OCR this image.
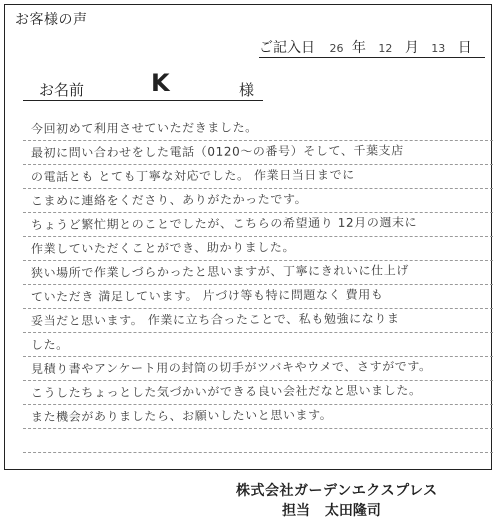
お客様の声
ご記入日 26 年 12 月 13 日
お名前	K	様
今回初めて利用させていただきました。
最初に問い合わせをした電話（0120～の番号）そして、千葉支店
の電話とも とても丁寧な対応でした。 作業日当日までに
こまめに連絡をくださり、ありがたかったです。
ちょうど繁忙期とのことでしたが、こちらの希望通り 12月の週末に
作業していただくことができ、助かりました。
狭い場所で作業しづらかったと思いますが、丁寧にきれいに仕上げ
ていただき 満足しています。 片づけ等も特に問題なく 費用も
妥当だと思います。 作業に立ち合ったことで、私も勉強になりま
した。
見積り書やアンケート用の封筒の切手がツバキやウメで、さすがです。
こうしたちょっとした気づかいができる良い会社だなと思いました。
また機会がありましたら、お願いしたいと思います。
株式会社ガーデンエクスプレス
担当 太田隆司
